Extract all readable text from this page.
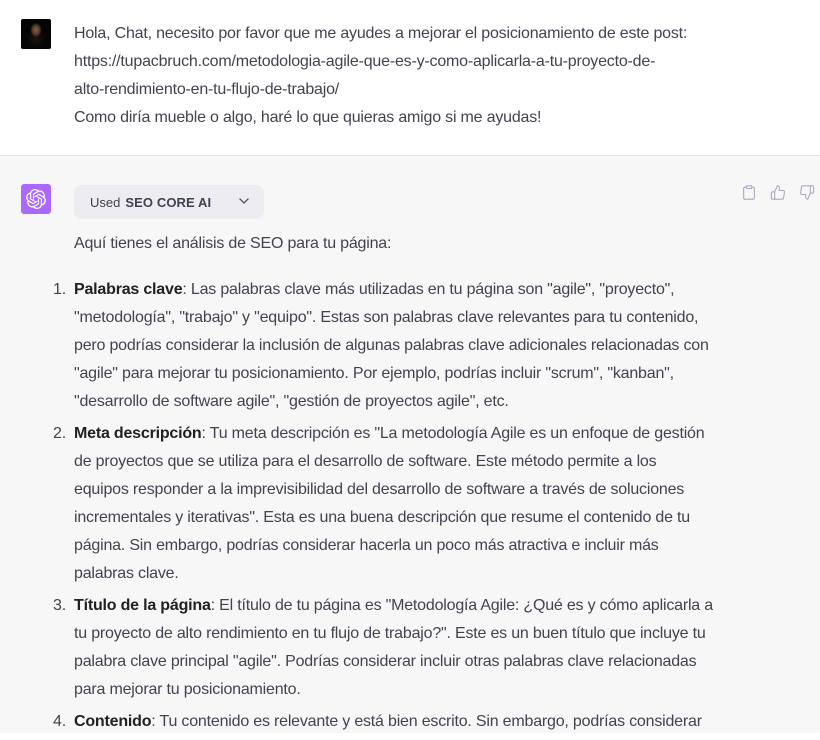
Hola, Chat, necesito por favor que me ayudes a mejorar el posicionamiento de este post:
https://tupacbruch.com/metodologia-agile-que-es-y-como-aplicarla-a-tu-proyecto-de-
alto-rendimiento-en-tu-flujo-de-trabajo/
Como diría mueble o algo, haré lo que quieras amigo si me ayudas!
Used SEO CORE AI

Aquí tienes el análisis de SEO para tu página:

1. Palabras clave: Las palabras clave más utilizadas en tu página son "agile", "proyecto",
"metodología", "trabajo" y "equipo". Estas son palabras clave relevantes para tu contenido,
pero podrías considerar la inclusión de algunas palabras clave adicionales relacionadas con
"agile" para mejorar tu posicionamiento. Por ejemplo, podrías incluir "scrum", "kanban",
"desarrollo de software agile", "gestión de proyectos agile", etc.
2. Meta descripción: Tu meta descripción es "La metodología Agile es un enfoque de gestión
de proyectos que se utiliza para el desarrollo de software. Este método permite a los
equipos responder a la imprevisibilidad del desarrollo de software a través de soluciones
incrementales y iterativas". Esta es una buena descripción que resume el contenido de tu
página. Sin embargo, podrías considerar hacerla un poco más atractiva e incluir más
palabras clave.
3. Título de la página: El título de tu página es "Metodología Agile: ¿Qué es y cómo aplicarla a
tu proyecto de alto rendimiento en tu flujo de trabajo?". Este es un buen título que incluye tu
palabra clave principal "agile". Podrías considerar incluir otras palabras clave relacionadas
para mejorar tu posicionamiento.
4. Contenido: Tu contenido es relevante y está bien escrito. Sin embargo, podrías considerar
